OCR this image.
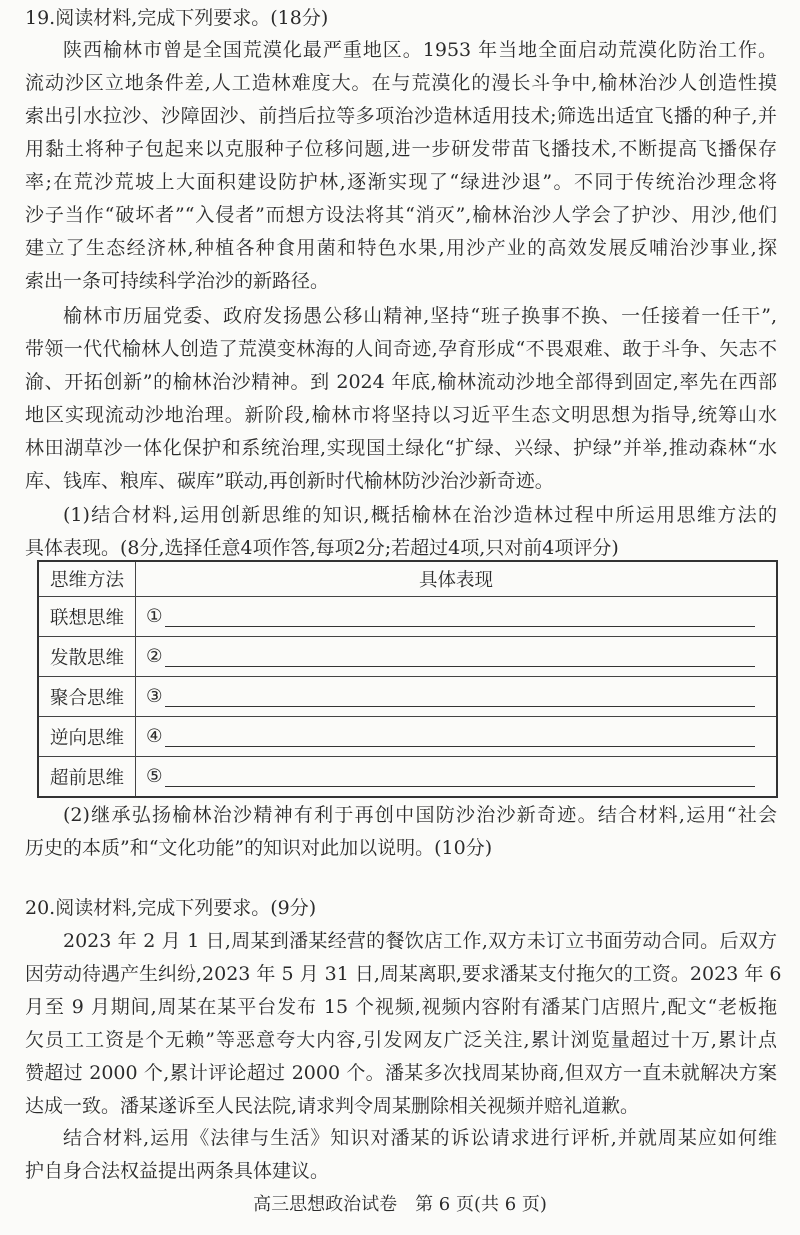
19.阅读材料,完成下列要求。(18分)
陕西榆林市曾是全国荒漠化最严重地区。1953 年当地全面启动荒漠化防治工作。
流动沙区立地条件差,人工造林难度大。在与荒漠化的漫长斗争中,榆林治沙人创造性摸
索出引水拉沙、沙障固沙、前挡后拉等多项治沙造林适用技术;筛选出适宜飞播的种子,并
用黏土将种子包起来以克服种子位移问题,进一步研发带苗飞播技术,不断提高飞播保存
率;在荒沙荒坡上大面积建设防护林,逐渐实现了“绿进沙退”。不同于传统治沙理念将
沙子当作“破坏者”“入侵者”而想方设法将其“消灭”,榆林治沙人学会了护沙、用沙,他们
建立了生态经济林,种植各种食用菌和特色水果,用沙产业的高效发展反哺治沙事业,探
索出一条可持续科学治沙的新路径。
榆林市历届党委、政府发扬愚公移山精神,坚持“班子换事不换、一任接着一任干”,
带领一代代榆林人创造了荒漠变林海的人间奇迹,孕育形成“不畏艰难、敢于斗争、矢志不
渝、开拓创新”的榆林治沙精神。到 2024 年底,榆林流动沙地全部得到固定,率先在西部
地区实现流动沙地治理。新阶段,榆林市将坚持以习近平生态文明思想为指导,统筹山水
林田湖草沙一体化保护和系统治理,实现国土绿化“扩绿、兴绿、护绿”并举,推动森林“水
库、钱库、粮库、碳库”联动,再创新时代榆林防沙治沙新奇迹。
(1)结合材料,运用创新思维的知识,概括榆林在治沙造林过程中所运用思维方法的
具体表现。(8分,选择任意4项作答,每项2分;若超过4项,只对前4项评分)
思维方法	具体表现
联想思维	①
发散思维	②
聚合思维	③
逆向思维	④
超前思维	⑤
(2)继承弘扬榆林治沙精神有利于再创中国防沙治沙新奇迹。结合材料,运用“社会
历史的本质”和“文化功能”的知识对此加以说明。(10分)
20.阅读材料,完成下列要求。(9分)
2023 年 2 月 1 日,周某到潘某经营的餐饮店工作,双方未订立书面劳动合同。后双方
因劳动待遇产生纠纷,2023 年 5 月 31 日,周某离职,要求潘某支付拖欠的工资。2023 年 6
月至 9 月期间,周某在某平台发布 15 个视频,视频内容附有潘某门店照片,配文“老板拖
欠员工工资是个无赖”等恶意夸大内容,引发网友广泛关注,累计浏览量超过十万,累计点
赞超过 2000 个,累计评论超过 2000 个。潘某多次找周某协商,但双方一直未就解决方案
达成一致。潘某遂诉至人民法院,请求判令周某删除相关视频并赔礼道歉。
结合材料,运用《法律与生活》知识对潘某的诉讼请求进行评析,并就周某应如何维
护自身合法权益提出两条具体建议。
高三思想政治试卷　第 6 页(共 6 页)
